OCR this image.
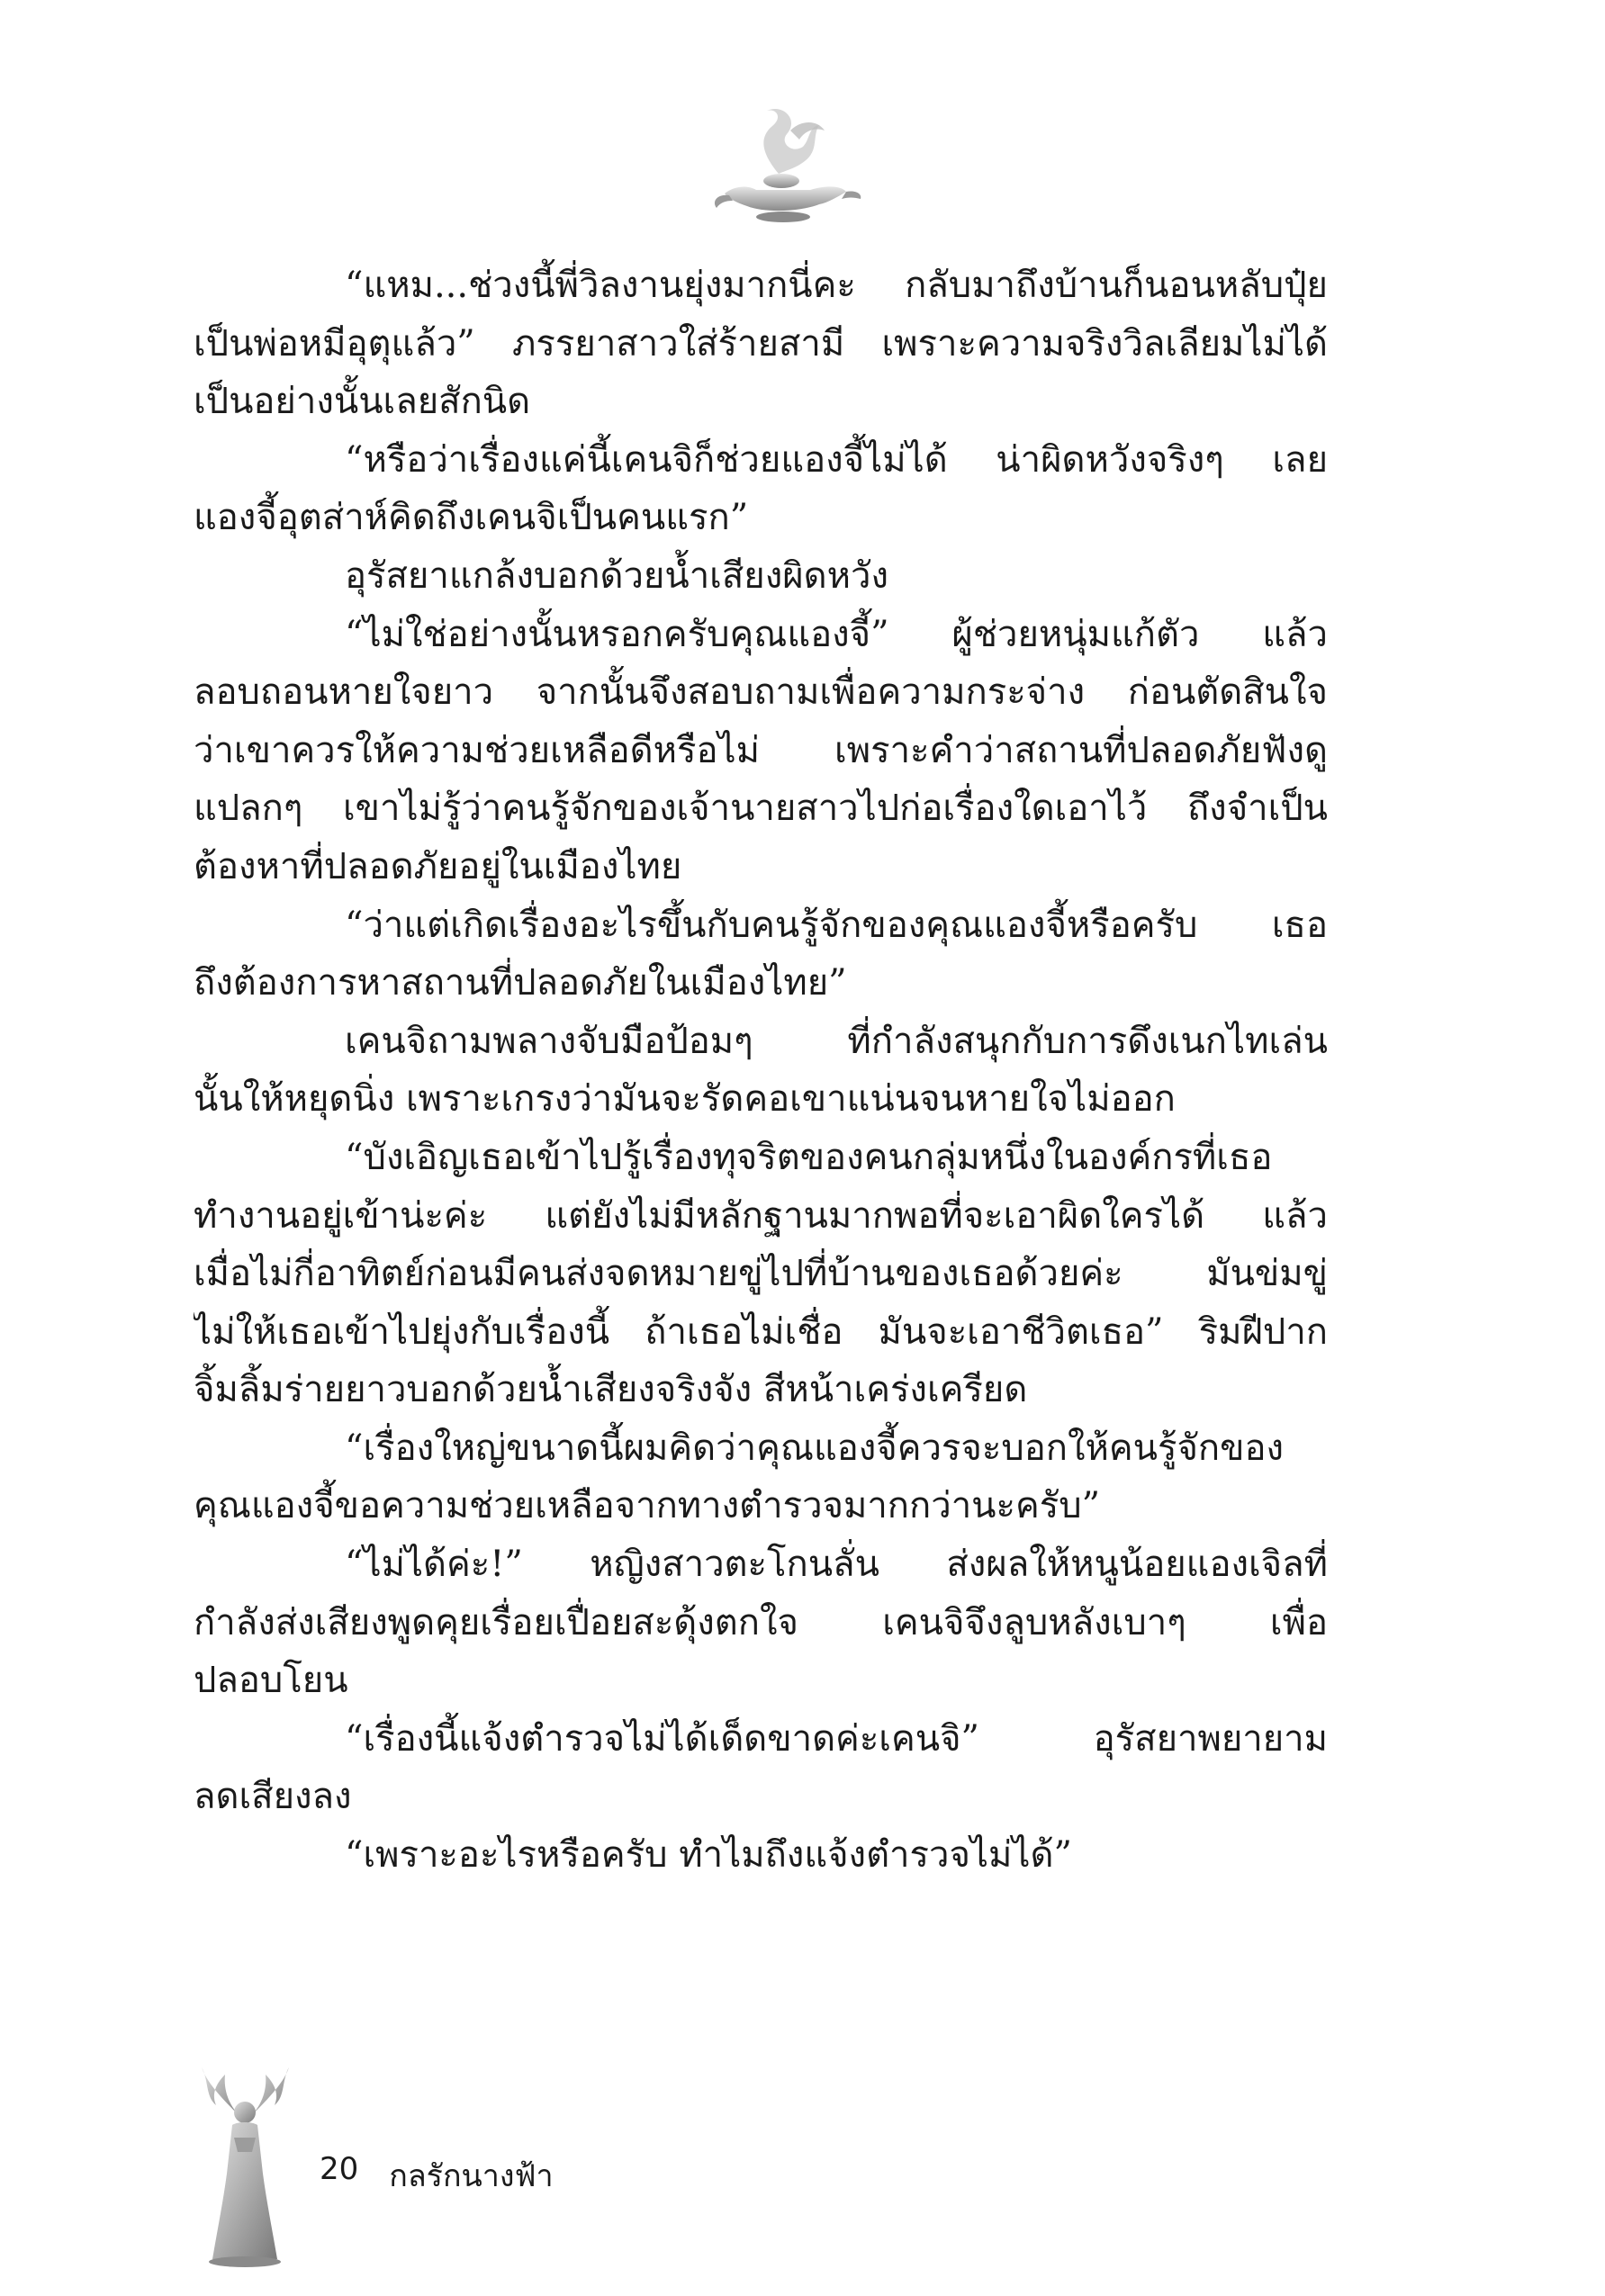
“แหม...ช่วงนี้พี่วิลงานยุ่งมากนี่คะ กลับมาถึงบ้านก็นอนหลับปุ๋ย
เป็นพ่อหมีอุตุแล้ว” ภรรยาสาวใส่ร้ายสามี เพราะความจริงวิลเลียมไม่ได้
เป็นอย่างนั้นเลยสักนิด
“หรือว่าเรื่องแค่นี้เคนจิก็ช่วยแองจี้ไม่ได้ น่าผิดหวังจริงๆ เลย
แองจี้อุตส่าห์คิดถึงเคนจิเป็นคนแรก”
อุรัสยาแกล้งบอกด้วยน้ำเสียงผิดหวัง
“ไม่ใช่อย่างนั้นหรอกครับคุณแองจี้” ผู้ช่วยหนุ่มแก้ตัว แล้ว
ลอบถอนหายใจยาว จากนั้นจึงสอบถามเพื่อความกระจ่าง ก่อนตัดสินใจ
ว่าเขาควรให้ความช่วยเหลือดีหรือไม่ เพราะคำว่าสถานที่ปลอดภัยฟังดู
แปลกๆ เขาไม่รู้ว่าคนรู้จักของเจ้านายสาวไปก่อเรื่องใดเอาไว้ ถึงจำเป็น
ต้องหาที่ปลอดภัยอยู่ในเมืองไทย
“ว่าแต่เกิดเรื่องอะไรขึ้นกับคนรู้จักของคุณแองจี้หรือครับ เธอ
ถึงต้องการหาสถานที่ปลอดภัยในเมืองไทย”
เคนจิถามพลางจับมือป้อมๆ ที่กำลังสนุกกับการดึงเนกไทเล่น
นั้นให้หยุดนิ่ง เพราะเกรงว่ามันจะรัดคอเขาแน่นจนหายใจไม่ออก
“บังเอิญเธอเข้าไปรู้เรื่องทุจริตของคนกลุ่มหนึ่งในองค์กรที่เธอ
ทำงานอยู่เข้าน่ะค่ะ แต่ยังไม่มีหลักฐานมากพอที่จะเอาผิดใครได้ แล้ว
เมื่อไม่กี่อาทิตย์ก่อนมีคนส่งจดหมายขู่ไปที่บ้านของเธอด้วยค่ะ มันข่มขู่
ไม่ให้เธอเข้าไปยุ่งกับเรื่องนี้ ถ้าเธอไม่เชื่อ มันจะเอาชีวิตเธอ” ริมฝีปาก
จิ้มลิ้มร่ายยาวบอกด้วยน้ำเสียงจริงจัง สีหน้าเคร่งเครียด
“เรื่องใหญ่ขนาดนี้ผมคิดว่าคุณแองจี้ควรจะบอกให้คนรู้จักของ
คุณแองจี้ขอความช่วยเหลือจากทางตำรวจมากกว่านะครับ”
“ไม่ได้ค่ะ!” หญิงสาวตะโกนลั่น ส่งผลให้หนูน้อยแองเจิลที่
กำลังส่งเสียงพูดคุยเรื่อยเปื่อยสะดุ้งตกใจ เคนจิจึงลูบหลังเบาๆ เพื่อ
ปลอบโยน
“เรื่องนี้แจ้งตำรวจไม่ได้เด็ดขาดค่ะเคนจิ” อุรัสยาพยายาม
ลดเสียงลง
“เพราะอะไรหรือครับ ทำไมถึงแจ้งตำรวจไม่ได้”
20 กลรักนางฟ้า
